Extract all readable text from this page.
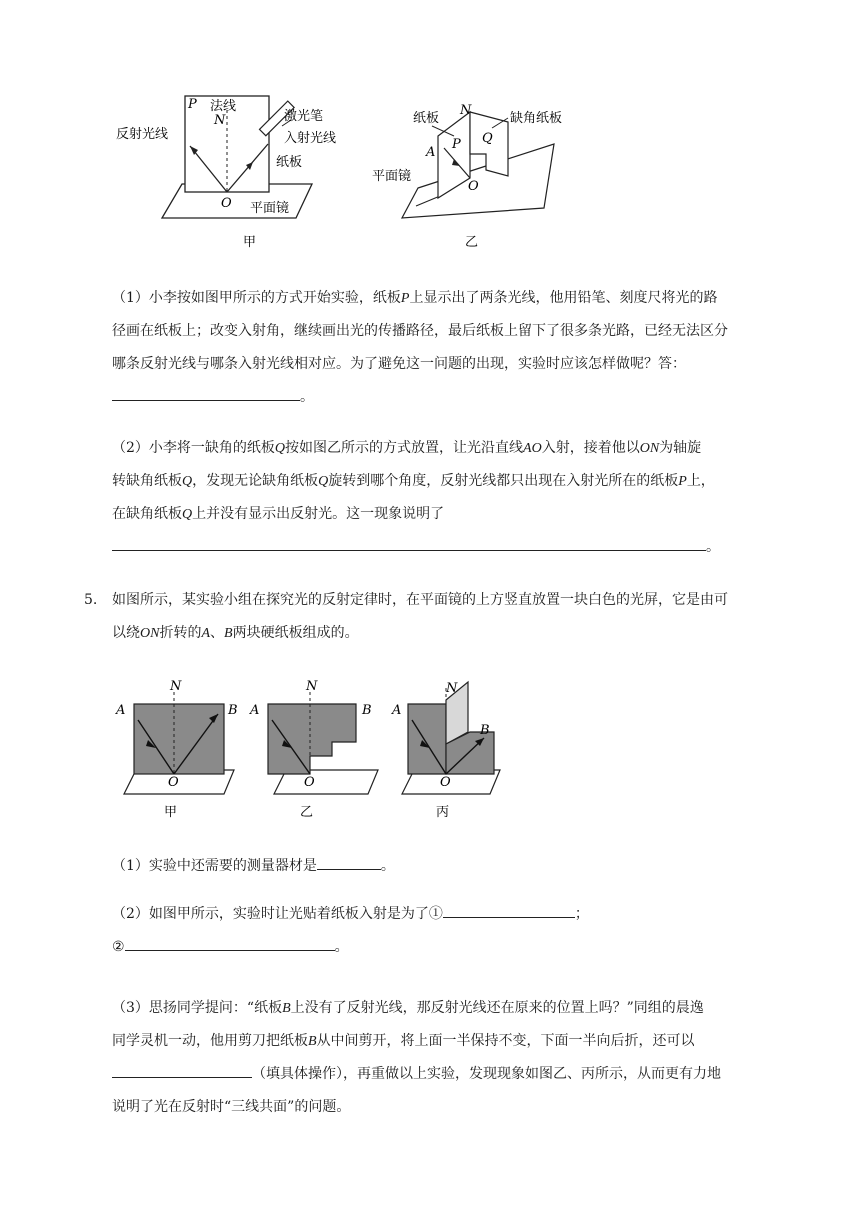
P 法线
N	激光笔
入射光线
反射光线
纸板
O 平面镜
甲
纸板
N
缺角纸板
A
P Q
平面镜
O
乙
（1）小李按如图甲所示的方式开始实验，纸板P上显示出了两条光线，他用铅笔、刻度尺将光的路
径画在纸板上；改变入射角，继续画出光的传播路径，最后纸板上留下了很多条光路，已经无法区分
哪条反射光线与哪条入射光线相对应。为了避免这一问题的出现，实验时应该怎样做呢？答：
。
（2）小李将一缺角的纸板Q按如图乙所示的方式放置，让光沿直线AO入射，接着他以ON为轴旋
转缺角纸板Q，发现无论缺角纸板Q旋转到哪个角度，反射光线都只出现在入射光所在的纸板P上，
在缺角纸板Q上并没有显示出反射光。这一现象说明了
。
5. 如图所示，某实验小组在探究光的反射定律时，在平面镜的上方竖直放置一块白色的光屏，它是由可
以绕ON折转的A、B两块硬纸板组成的。
A	B
N
O
甲
A	B
N
O
乙
A
B
N
O
丙
（1）实验中还需要的测量器材是	。
（2）如图甲所示，实验时让光贴着纸板入射是为了①	；
②	。
（3）思扬同学提问：“纸板B上没有了反射光线，那反射光线还在原来的位置上吗？”同组的晨逸
同学灵机一动，他用剪刀把纸板B从中间剪开，将上面一半保持不变，下面一半向后折，还可以
（填具体操作），再重做以上实验，发现现象如图乙、丙所示，从而更有力地
说明了光在反射时“三线共面”的问题。
